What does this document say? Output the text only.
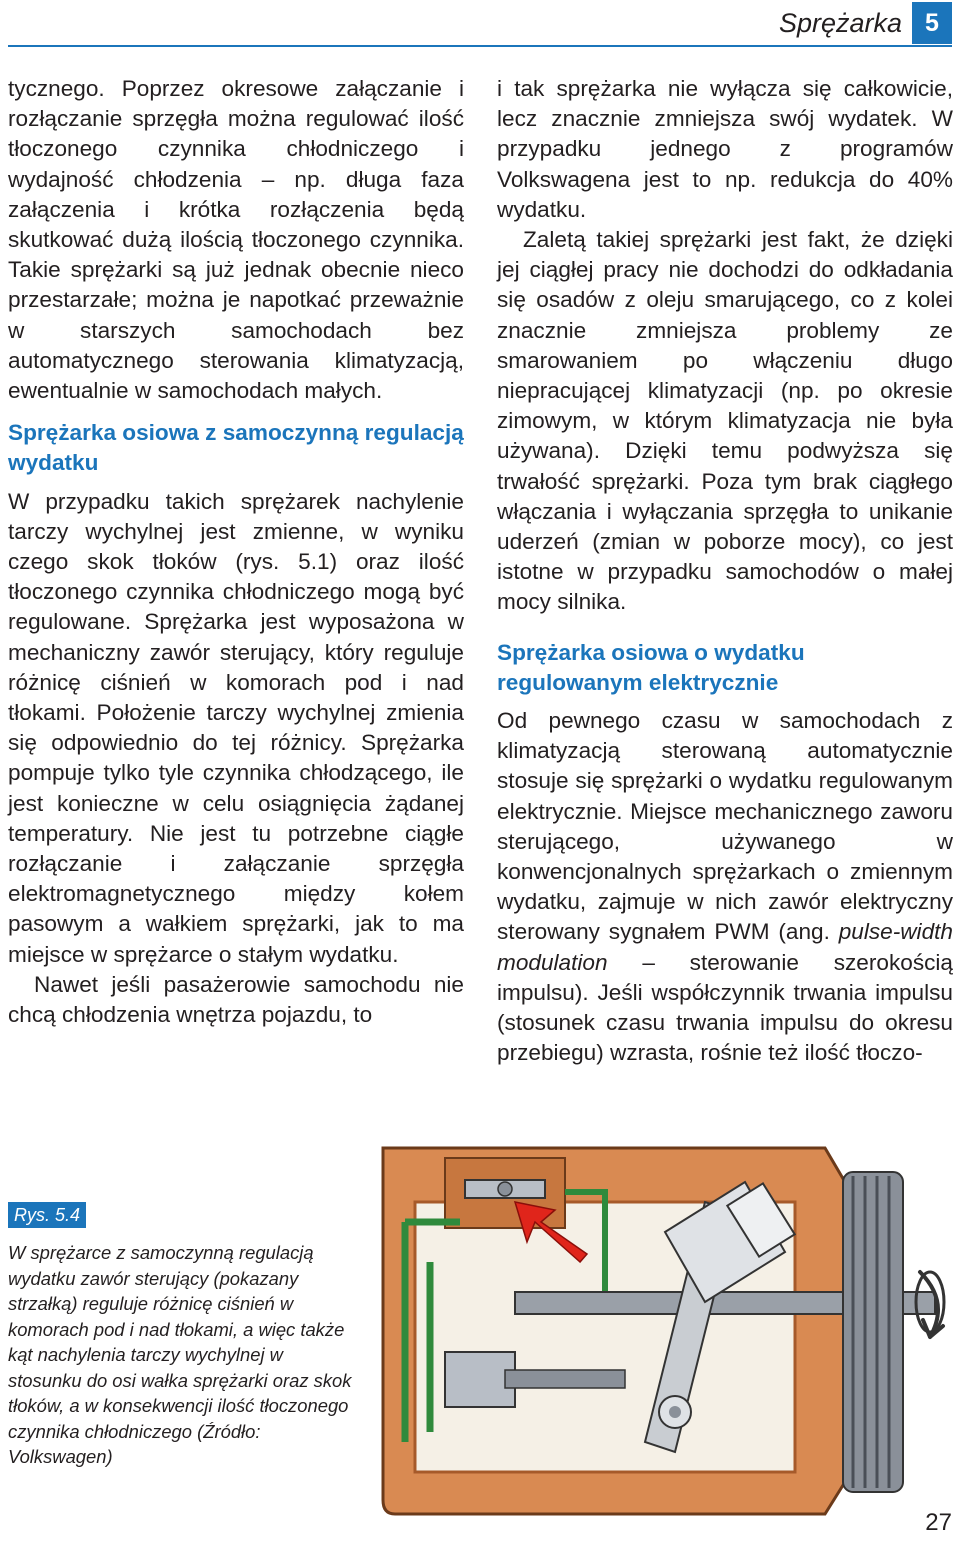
Sprężarka 5

tycznego. Poprzez okresowe załączanie i rozłączanie sprzęgła można regulować ilość tłoczonego czynnika chłodniczego i wydajność chłodzenia – np. długa faza załączenia i krótka rozłączenia będą skutkować dużą ilością tłoczonego czynnika. Takie sprężarki są już jednak obecnie nieco przestarzałe; można je napotkać przeważnie w starszych samochodach bez automatycznego sterowania klimatyzacją, ewentualnie w samochodach małych.

Sprężarka osiowa z samoczynną regulacją wydatku

W przypadku takich sprężarek nachylenie tarczy wychylnej jest zmienne, w wyniku czego skok tłoków (rys. 5.1) oraz ilość tłoczonego czynnika chłodniczego mogą być regulowane. Sprężarka jest wyposażona w mechaniczny zawór sterujący, który reguluje różnicę ciśnień w komorach pod i nad tłokami. Położenie tarczy wychylnej zmienia się odpowiednio do tej różnicy. Sprężarka pompuje tylko tyle czynnika chłodzącego, ile jest konieczne w celu osiągnięcia żądanej temperatury. Nie jest tu potrzebne ciągłe rozłączanie i załączanie sprzęgła elektromagnetycznego między kołem pasowym a wałkiem sprężarki, jak to ma miejsce w sprężarce o stałym wydatku.

Nawet jeśli pasażerowie samochodu nie chcą chłodzenia wnętrza pojazdu, to

i tak sprężarka nie wyłącza się całkowicie, lecz znacznie zmniejsza swój wydatek. W przypadku jednego z programów Volkswagena jest to np. redukcja do 40% wydatku.

Zaletą takiej sprężarki jest fakt, że dzięki jej ciągłej pracy nie dochodzi do odkładania się osadów z oleju smarującego, co z kolei znacznie zmniejsza problemy ze smarowaniem po włączeniu długo niepracującej klimatyzacji (np. po okresie zimowym, w którym klimatyzacja nie była używana). Dzięki temu podwyższa się trwałość sprężarki. Poza tym brak ciągłego włączania i wyłączania sprzęgła to unikanie uderzeń (zmian w poborze mocy), co jest istotne w przypadku samochodów o małej mocy silnika.

Sprężarka osiowa o wydatku regulowanym elektrycznie

Od pewnego czasu w samochodach z klimatyzacją sterowaną automatycznie stosuje się sprężarki o wydatku regulowanym elektrycznie. Miejsce mechanicznego zaworu sterującego, używanego w konwencjonalnych sprężarkach o zmiennym wydatku, zajmuje w nich zawór elektryczny sterowany sygnałem PWM (ang. pulse-width modulation – sterowanie szerokością impulsu). Jeśli współczynnik trwania impulsu (stosunek czasu trwania impulsu do okresu przebiegu) wzrasta, rośnie też ilość tłoczo-

Rys. 5.4
W sprężarce z samoczynną regulacją wydatku zawór sterujący (pokazany strzałką) reguluje różnicę ciśnień w komorach pod i nad tłokami, a więc także kąt nachylenia tarczy wychylnej w stosunku do osi wałka sprężarki oraz skok tłoków, a w konsekwencji ilość tłoczonego czynnika chłodniczego (Źródło: Volkswagen)
27
